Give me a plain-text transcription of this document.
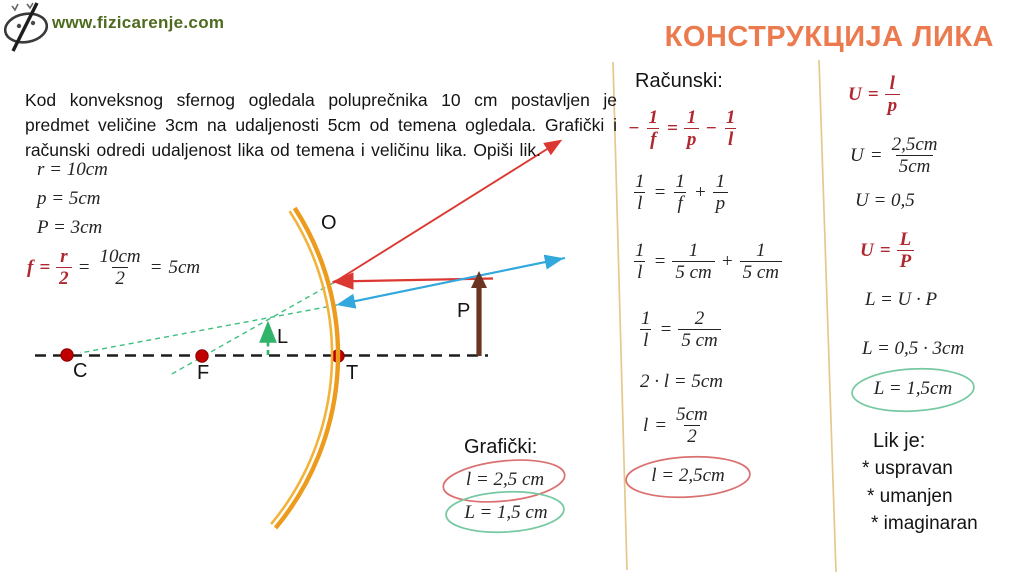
www.fizicarenje.com	КОНСТРУКЦИЈА ЛИКА
Kod konveksnog sfernog ogledala poluprečnika 10 cm postavljen je predmet veličine 3cm na udaljenosti 5cm od temena ogledala. Grafički i računski odredi udaljenost lika od temena i veličinu lika. Opiši lik.
r = 10cm
p = 5cm
P = 3cm
$f = \frac{r}{2} = \frac{10cm}{2} = 5cm$
O
C	F	T
P
L
Grafički:
l = 2,5 cm
L = 1,5 cm
Računski:
− $\frac{1}{f} = \frac{1}{p} - \frac{1}{l}$
$\frac{1}{l} = \frac{1}{f} + \frac{1}{p}$
$\frac{1}{l} = \frac{1}{5 cm} + \frac{1}{5 cm}$
$\frac{1}{l} = \frac{2}{5 cm}$
2 · l = 5cm
$l = \frac{5cm}{2}$
l = 2,5cm
$U = \frac{l}{p}$
$U = \frac{2,5cm}{5cm}$
U = 0,5
$U = \frac{L}{P}$
L = U · P
L = 0,5 · 3cm
L = 1,5cm
Lik je:
* uspravan
* umanjen
* imaginaran
